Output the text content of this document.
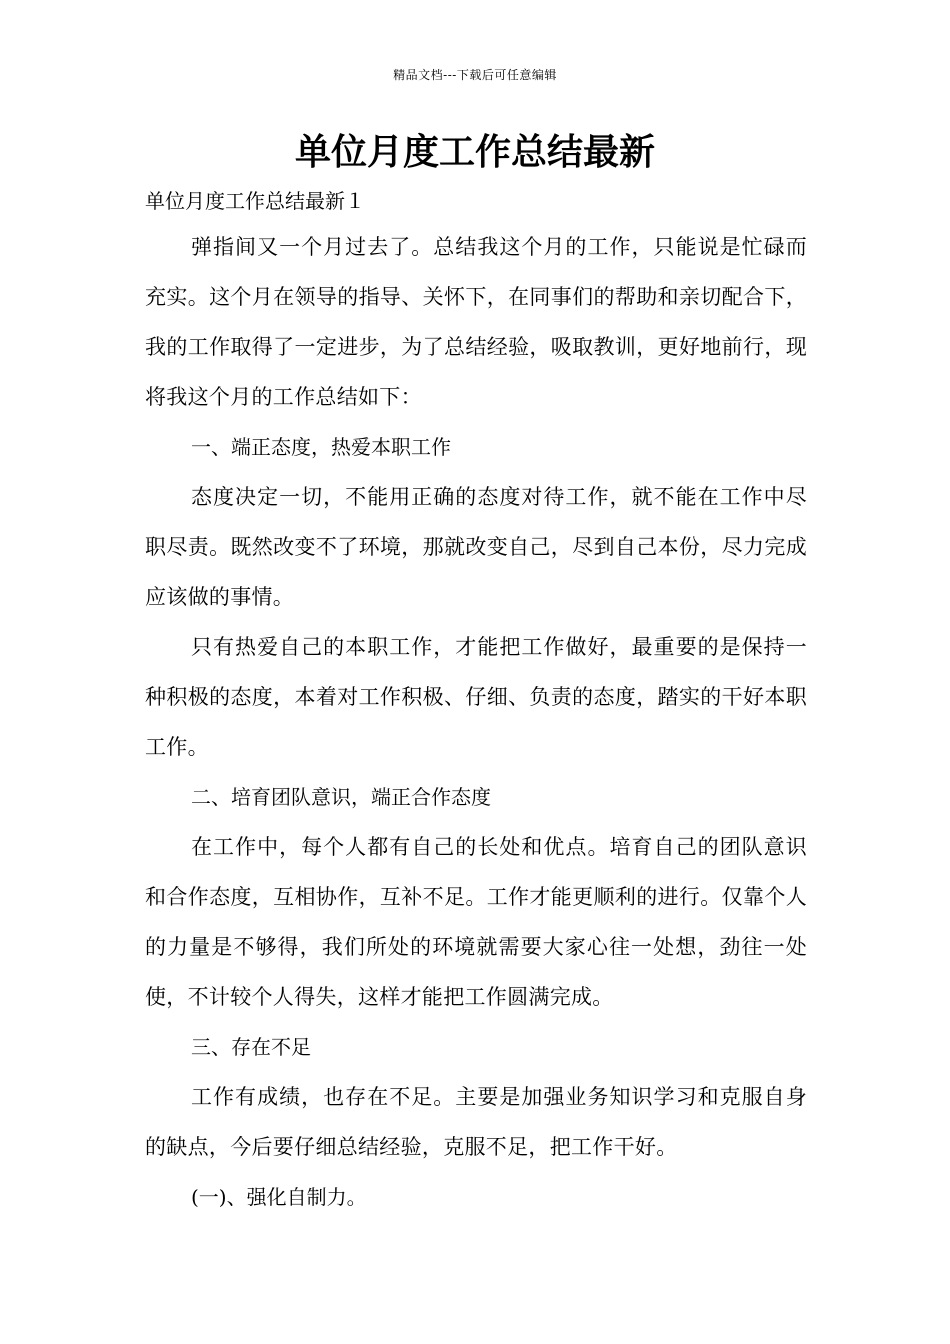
精品文档---下载后可任意编辑
单位月度工作总结最新

单位月度工作总结最新１

弹指间又一个月过去了。总结我这个月的工作，只能说是忙碌而充实。这个月在领导的指导、关怀下，在同事们的帮助和亲切配合下，我的工作取得了一定进步，为了总结经验，吸取教训，更好地前行，现将我这个月的工作总结如下：

一、端正态度，热爱本职工作

态度决定一切，不能用正确的态度对待工作，就不能在工作中尽职尽责。既然改变不了环境，那就改变自己，尽到自己本份，尽力完成应该做的事情。

只有热爱自己的本职工作，才能把工作做好，最重要的是保持一种积极的态度，本着对工作积极、仔细、负责的态度，踏实的干好本职工作。

二、培育团队意识，端正合作态度

在工作中，每个人都有自己的长处和优点。培育自己的团队意识和合作态度，互相协作，互补不足。工作才能更顺利的进行。仅靠个人的力量是不够得，我们所处的环境就需要大家心往一处想，劲往一处使，不计较个人得失，这样才能把工作圆满完成。

三、存在不足

工作有成绩，也存在不足。主要是加强业务知识学习和克服自身的缺点，今后要仔细总结经验，克服不足，把工作干好。

(一)、强化自制力。
